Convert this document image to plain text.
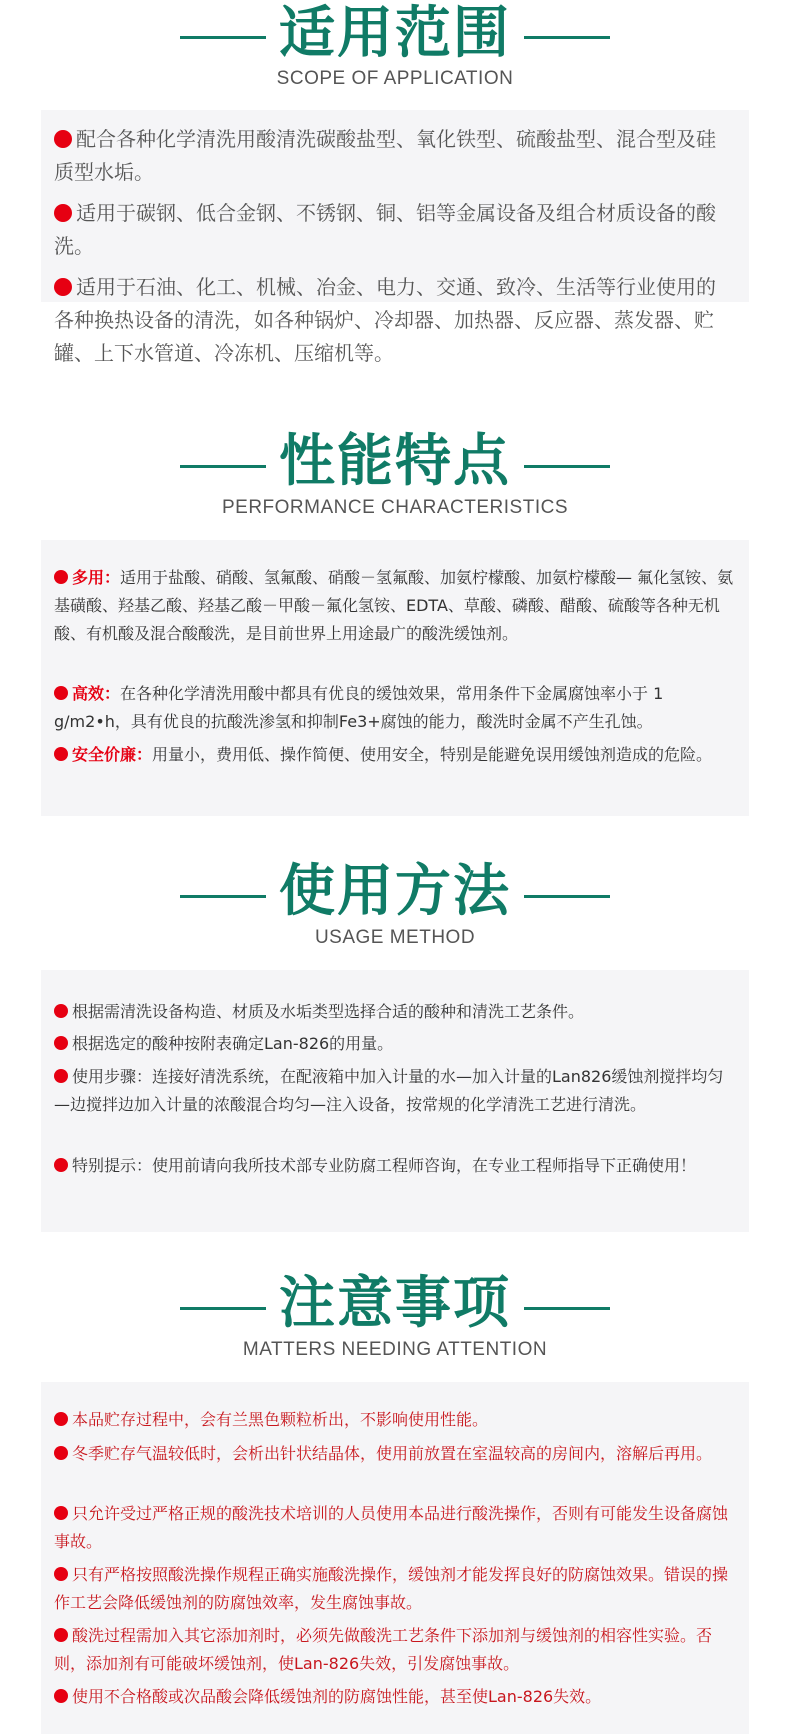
适用范围
SCOPE OF APPLICATION
配合各种化学清洗用酸清洗碳酸盐型、氧化铁型、硫酸盐型、混合型及硅质型水垢。
适用于碳钢、低合金钢、不锈钢、铜、铝等金属设备及组合材质设备的酸洗。
适用于石油、化工、机械、冶金、电力、交通、致冷、生活等行业使用的各种换热设备的清洗，如各种锅炉、冷却器、加热器、反应器、蒸发器、贮罐、上下水管道、冷冻机、压缩机等。
性能特点
PERFORMANCE CHARACTERISTICS
多用：适用于盐酸、硝酸、氢氟酸、硝酸－氢氟酸、加氨柠檬酸、加氨柠檬酸— 氟化氢铵、氨基磺酸、羟基乙酸、羟基乙酸－甲酸－氟化氢铵、EDTA、草酸、磷酸、醋酸、硫酸等各种无机酸、有机酸及混合酸酸洗，是目前世界上用途最广的酸洗缓蚀剂。
高效：在各种化学清洗用酸中都具有优良的缓蚀效果，常用条件下金属腐蚀率小于 1 g/m2•h，具有优良的抗酸洗渗氢和抑制Fe3+腐蚀的能力，酸洗时金属不产生孔蚀。
安全价廉：用量小，费用低、操作简便、使用安全，特别是能避免误用缓蚀剂造成的危险。
使用方法
USAGE METHOD
根据需清洗设备构造、材质及水垢类型选择合适的酸种和清洗工艺条件。
根据选定的酸种按附表确定Lan-826的用量。
使用步骤：连接好清洗系统，在配液箱中加入计量的水—加入计量的Lan826缓蚀剂搅拌均匀—边搅拌边加入计量的浓酸混合均匀—注入设备，按常规的化学清洗工艺进行清洗。
特别提示：使用前请向我所技术部专业防腐工程师咨询，在专业工程师指导下正确使用！
注意事项
MATTERS NEEDING ATTENTION
本品贮存过程中，会有兰黑色颗粒析出，不影响使用性能。
冬季贮存气温较低时，会析出针状结晶体，使用前放置在室温较高的房间内，溶解后再用。
只允许受过严格正规的酸洗技术培训的人员使用本品进行酸洗操作，否则有可能发生设备腐蚀事故。
只有严格按照酸洗操作规程正确实施酸洗操作，缓蚀剂才能发挥良好的防腐蚀效果。错误的操作工艺会降低缓蚀剂的防腐蚀效率，发生腐蚀事故。
酸洗过程需加入其它添加剂时，必须先做酸洗工艺条件下添加剂与缓蚀剂的相容性实验。否则，添加剂有可能破坏缓蚀剂，使Lan-826失效，引发腐蚀事故。
使用不合格酸或次品酸会降低缓蚀剂的防腐蚀性能，甚至使Lan-826失效。
